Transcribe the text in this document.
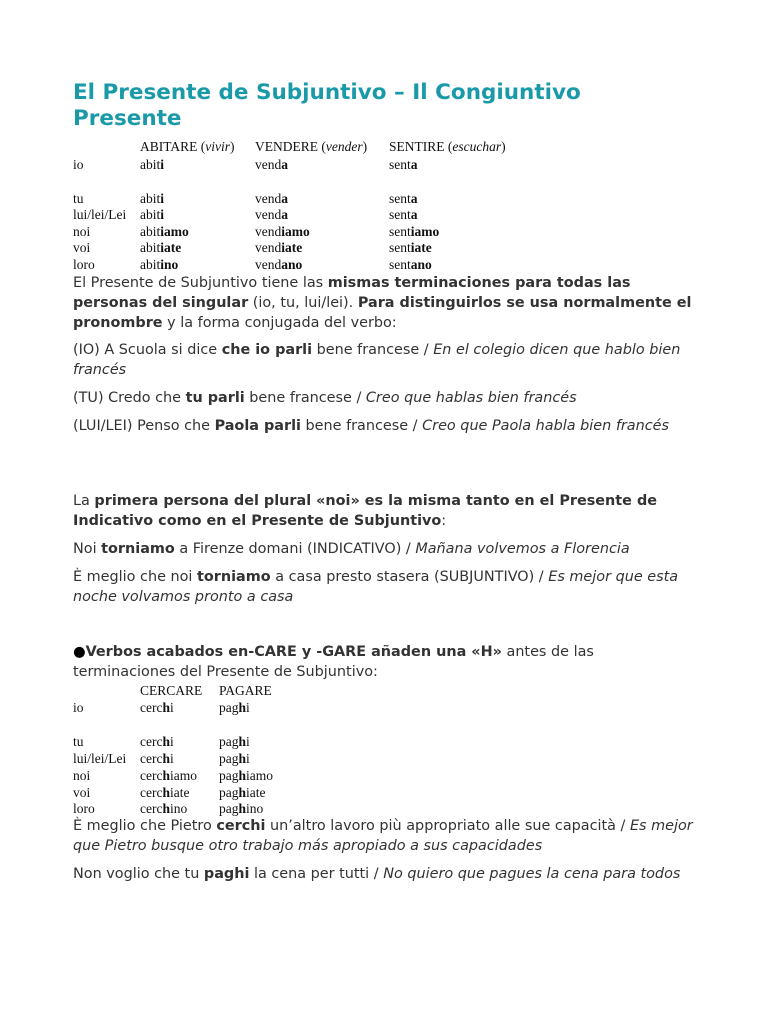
El Presente de Subjuntivo – Il Congiuntivo Presente
ABITARE (vivir) VENDERE (vender) SENTIRE (escuchar)
io	abiti	venda	senta
tu	abiti	venda	senta
lui/lei/Lei abiti	venda	senta
noi	abitiamo	vendiamo	sentiamo
voi	abitiate	vendiate	sentiate
loro	abitino	vendano	sentano

El Presente de Subjuntivo tiene las mismas terminaciones para todas las personas del singular (io, tu, lui/lei). Para distinguirlos se usa normalmente el pronombre y la forma conjugada del verbo:

(IO) A Scuola si dice che io parli bene francese / En el colegio dicen que hablo bien francés

(TU) Credo che tu parli bene francese / Creo que hablas bien francés

(LUI/LEI) Penso che Paola parli bene francese / Creo que Paola habla bien francés

La primera persona del plural «noi» es la misma tanto en el Presente de Indicativo como en el Presente de Subjuntivo:

Noi torniamo a Firenze domani (INDICATIVO) / Mañana volvemos a Florencia

È meglio che noi torniamo a casa presto stasera (SUBJUNTIVO) / Es mejor que esta noche volvamos pronto a casa

●Verbos acabados en-CARE y -GARE añaden una «H» antes de las terminaciones del Presente de Subjuntivo:

CERCARE PAGARE
io	cerchi	paghi
tu	cerchi	paghi
lui/lei/Lei cerchi	paghi
noi	cerchiamo paghiamo
voi	cerchiate paghiate
loro	cerchino paghino

È meglio che Pietro cerchi un’altro lavoro più appropriato alle sue capacità / Es mejor que Pietro busque otro trabajo más apropiado a sus capacidades

Non voglio che tu paghi la cena per tutti / No quiero que pagues la cena para todos
